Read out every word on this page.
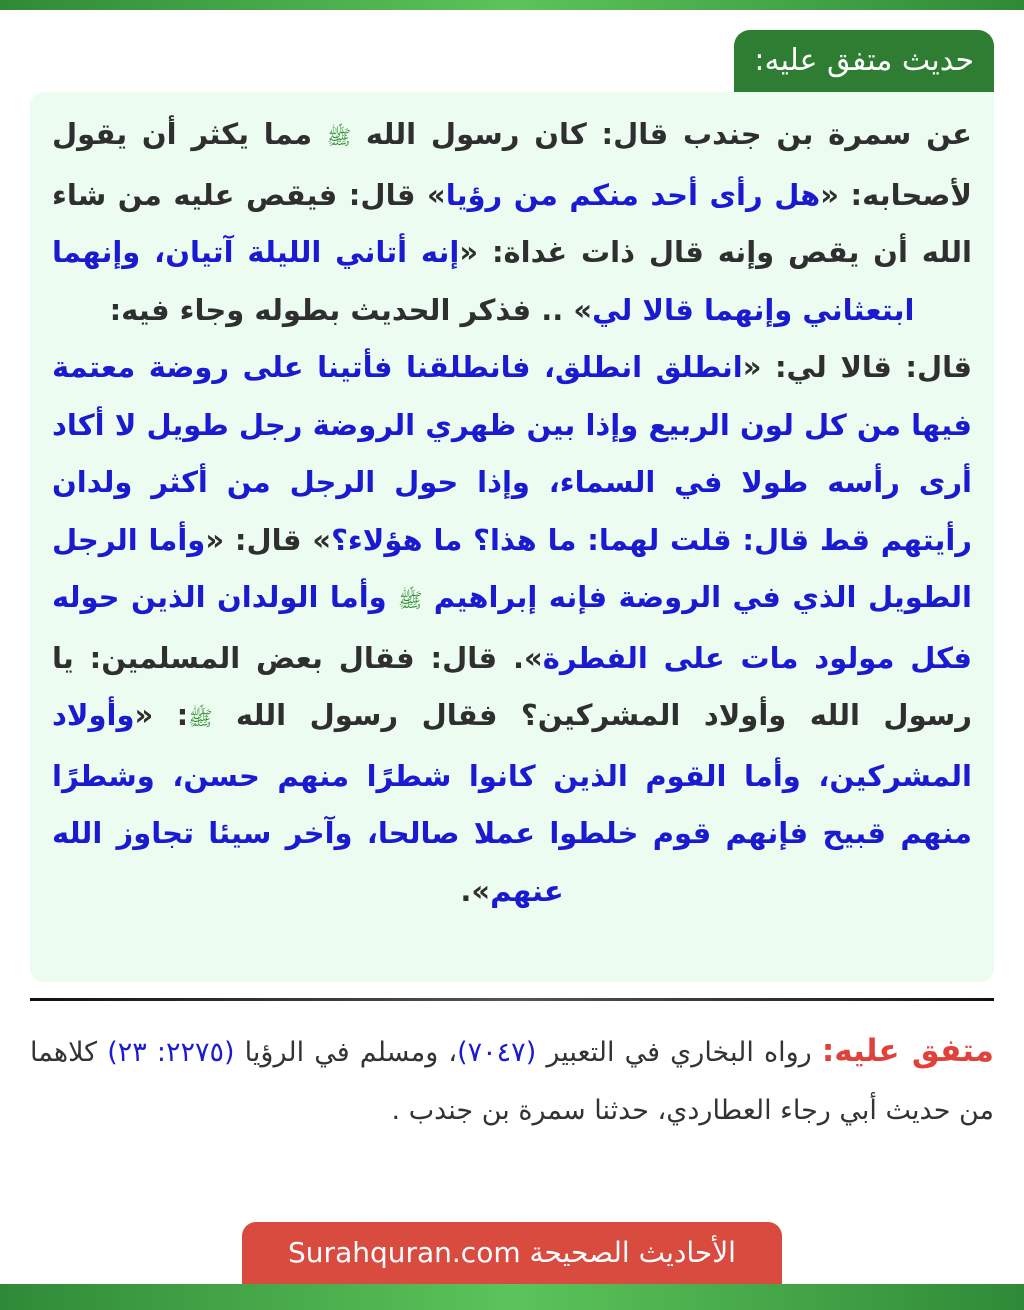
حديث متفق عليه:

عن سمرة بن جندب قال: كان رسول الله ﷺ مما يكثر أن يقول لأصحابه: «هل رأى أحد منكم من رؤيا» قال: فيقص عليه من شاء الله أن يقص وإنه قال ذات غداة: «إنه أتاني الليلة آتيان، وإنهما ابتعثاني وإنهما قالا لي» .. فذكر الحديث بطوله وجاء فيه:

قال: قالا لي: «انطلق انطلق، فانطلقنا فأتينا على روضة معتمة فيها من كل لون الربيع وإذا بين ظهري الروضة رجل طويل لا أكاد أرى رأسه طولا في السماء، وإذا حول الرجل من أكثر ولدان رأيتهم قط قال: قلت لهما: ما هذا؟ ما هؤلاء؟» قال: «وأما الرجل الطويل الذي في الروضة فإنه إبراهيم ﷺ وأما الولدان الذين حوله فكل مولود مات على الفطرة». قال: فقال بعض المسلمين: يا رسول الله وأولاد المشركين؟ فقال رسول الله ﷺ: «وأولاد المشركين، وأما القوم الذين كانوا شطرًا منهم حسن، وشطرًا منهم قبيح فإنهم قوم خلطوا عملا صالحا، وآخر سيئا تجاوز الله عنهم».

متفق عليه: رواه البخاري في التعبير (٧٠٤٧)، ومسلم في الرؤيا (٢٢٧٥: ٢٣) كلاهما من حديث أبي رجاء العطاردي، حدثنا سمرة بن جندب .
الأحاديث الصحيحة Surahquran.com
